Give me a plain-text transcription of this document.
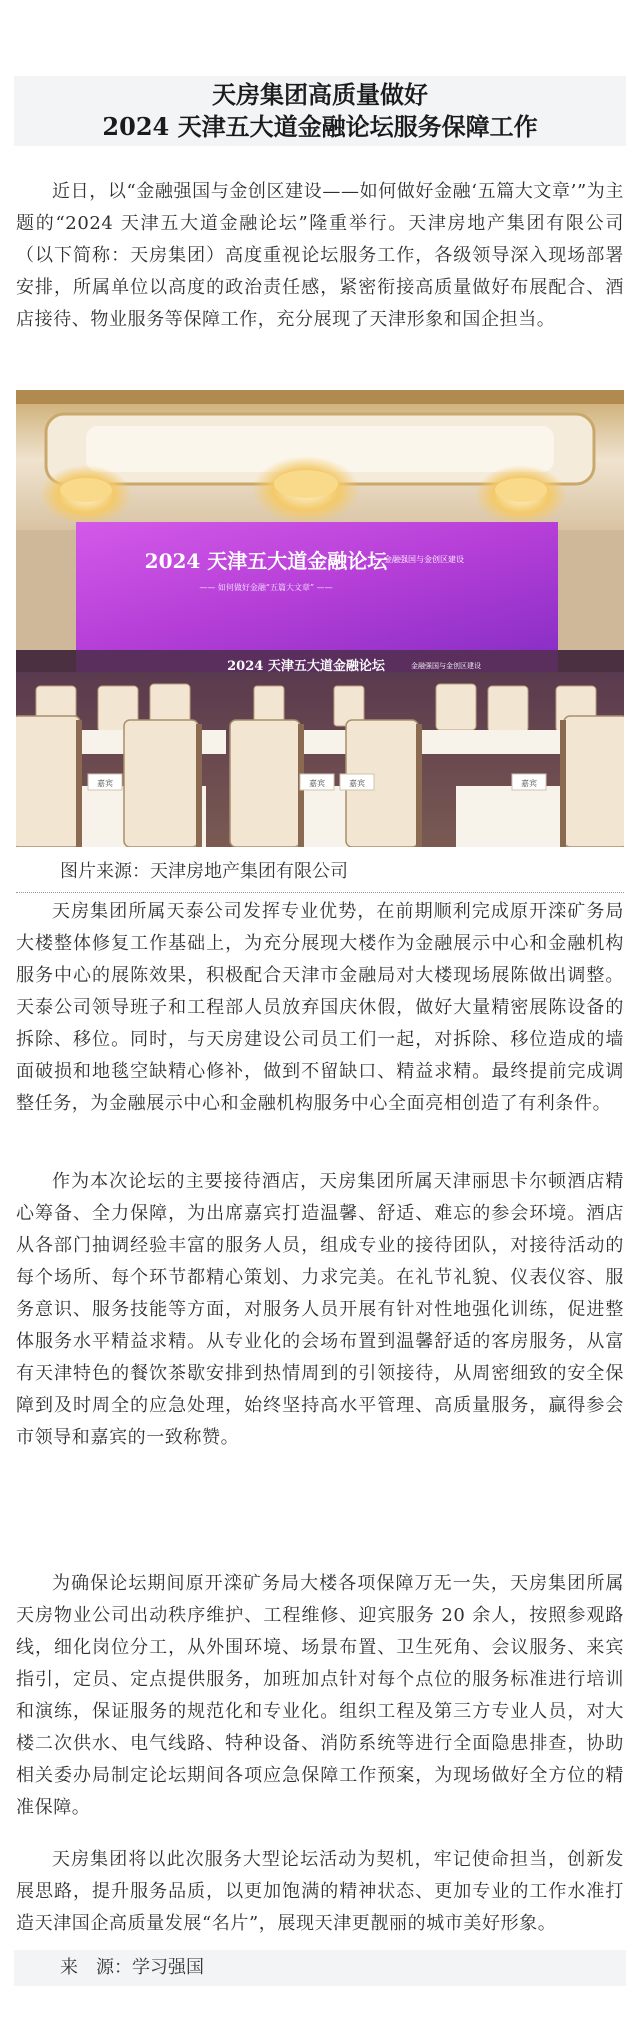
天房集团高质量做好
2024 天津五大道金融论坛服务保障工作

近日，以“金融强国与金创区建设——如何做好金融‘五篇大文章’”为主题的“2024 天津五大道金融论坛”隆重举行。天津房地产集团有限公司（以下简称：天房集团）高度重视论坛服务工作，各级领导深入现场部署安排，所属单位以高度的政治责任感，紧密衔接高质量做好布展配合、酒店接待、物业服务等保障工作，充分展现了天津形象和国企担当。

2024 天津五大道金融论坛
金融强国与金创区建设
—— 如何做好金融“五篇大文章” ——
2024 天津五大道金融论坛	金融强国与金创区建设
嘉宾	嘉宾	嘉宾	嘉宾
图片来源：天津房地产集团有限公司

天房集团所属天泰公司发挥专业优势，在前期顺利完成原开滦矿务局大楼整体修复工作基础上，为充分展现大楼作为金融展示中心和金融机构服务中心的展陈效果，积极配合天津市金融局对大楼现场展陈做出调整。天泰公司领导班子和工程部人员放弃国庆休假，做好大量精密展陈设备的拆除、移位。同时，与天房建设公司员工们一起，对拆除、移位造成的墙面破损和地毯空缺精心修补，做到不留缺口、精益求精。最终提前完成调整任务，为金融展示中心和金融机构服务中心全面亮相创造了有利条件。

作为本次论坛的主要接待酒店，天房集团所属天津丽思卡尔顿酒店精心筹备、全力保障，为出席嘉宾打造温馨、舒适、难忘的参会环境。酒店从各部门抽调经验丰富的服务人员，组成专业的接待团队，对接待活动的每个场所、每个环节都精心策划、力求完美。在礼节礼貌、仪表仪容、服务意识、服务技能等方面，对服务人员开展有针对性地强化训练，促进整体服务水平精益求精。从专业化的会场布置到温馨舒适的客房服务，从富有天津特色的餐饮茶歇安排到热情周到的引领接待，从周密细致的安全保障到及时周全的应急处理，始终坚持高水平管理、高质量服务，赢得参会市领导和嘉宾的一致称赞。

为确保论坛期间原开滦矿务局大楼各项保障万无一失，天房集团所属天房物业公司出动秩序维护、工程维修、迎宾服务 20 余人，按照参观路线，细化岗位分工，从外围环境、场景布置、卫生死角、会议服务、来宾指引，定员、定点提供服务，加班加点针对每个点位的服务标准进行培训和演练，保证服务的规范化和专业化。组织工程及第三方专业人员，对大楼二次供水、电气线路、特种设备、消防系统等进行全面隐患排查，协助相关委办局制定论坛期间各项应急保障工作预案，为现场做好全方位的精准保障。

天房集团将以此次服务大型论坛活动为契机，牢记使命担当，创新发展思路，提升服务品质，以更加饱满的精神状态、更加专业的工作水准打造天津国企高质量发展“名片”，展现天津更靓丽的城市美好形象。

来　源：学习强国
